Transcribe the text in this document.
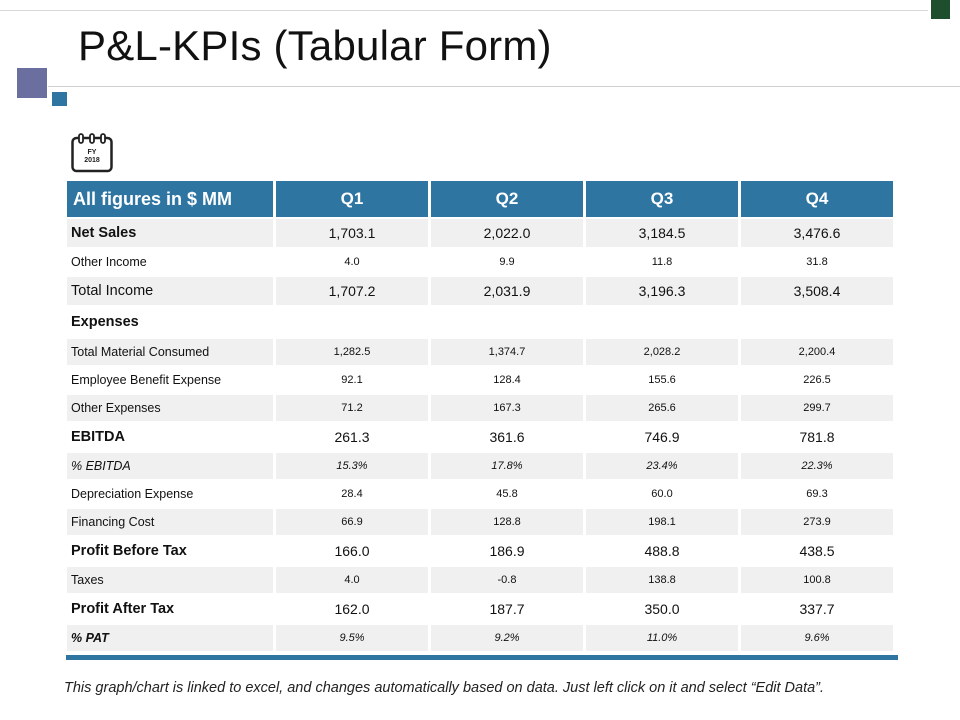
P&L-KPIs (Tabular Form)
FY
2018
All figures in $ MM	Q1	Q2	Q3	Q4
Net Sales	1,703.1	2,022.0	3,184.5	3,476.6
Other Income	4.0	9.9	11.8	31.8
Total Income	1,707.2	2,031.9	3,196.3	3,508.4
Expenses				
Total Material Consumed	1,282.5	1,374.7	2,028.2	2,200.4
Employee Benefit Expense	92.1	128.4	155.6	226.5
Other Expenses	71.2	167.3	265.6	299.7
EBITDA	261.3	361.6	746.9	781.8
% EBITDA	15.3%	17.8%	23.4%	22.3%
Depreciation Expense	28.4	45.8	60.0	69.3
Financing Cost	66.9	128.8	198.1	273.9
Profit Before Tax	166.0	186.9	488.8	438.5
Taxes	4.0	-0.8	138.8	100.8
Profit After Tax	162.0	187.7	350.0	337.7
% PAT	9.5%	9.2%	11.0%	9.6%
This graph/chart is linked to excel, and changes automatically based on data. Just left click on it and select “Edit Data”.
